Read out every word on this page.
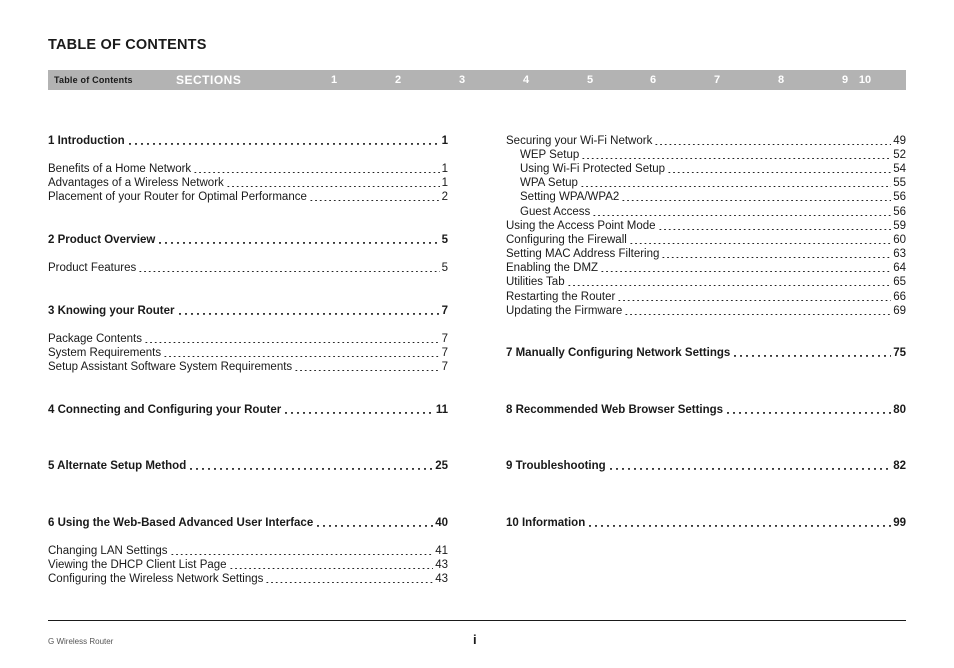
TABLE OF CONTENTS
Table of Contents	SECTIONS	1	2	3	4	5	6	7	8	9 10
1 Introduction	1
Benefits of a Home Network	1
Advantages of a Wireless Network	1
Placement of your Router for Optimal Performance	2
2 Product Overview	5
Product Features	5
3 Knowing your Router	7
Package Contents	7
System Requirements	7
Setup Assistant Software System Requirements	7
4 Connecting and Configuring your Router	11
5 Alternate Setup Method	25
6 Using the Web-Based Advanced User Interface	40
Changing LAN Settings	41
Viewing the DHCP Client List Page	43
Configuring the Wireless Network Settings	43
Securing your Wi-Fi Network	49
WEP Setup	52
Using Wi-Fi Protected Setup	54
WPA Setup	55
Setting WPA/WPA2	56
Guest Access	56
Using the Access Point Mode	59
Configuring the Firewall	60
Setting MAC Address Filtering	63
Enabling the DMZ	64
Utilities Tab	65
Restarting the Router	66
Updating the Firmware	69
7 Manually Configuring Network Settings	75
8 Recommended Web Browser Settings	80
9 Troubleshooting	82
10 Information	99
G Wireless Router	i
